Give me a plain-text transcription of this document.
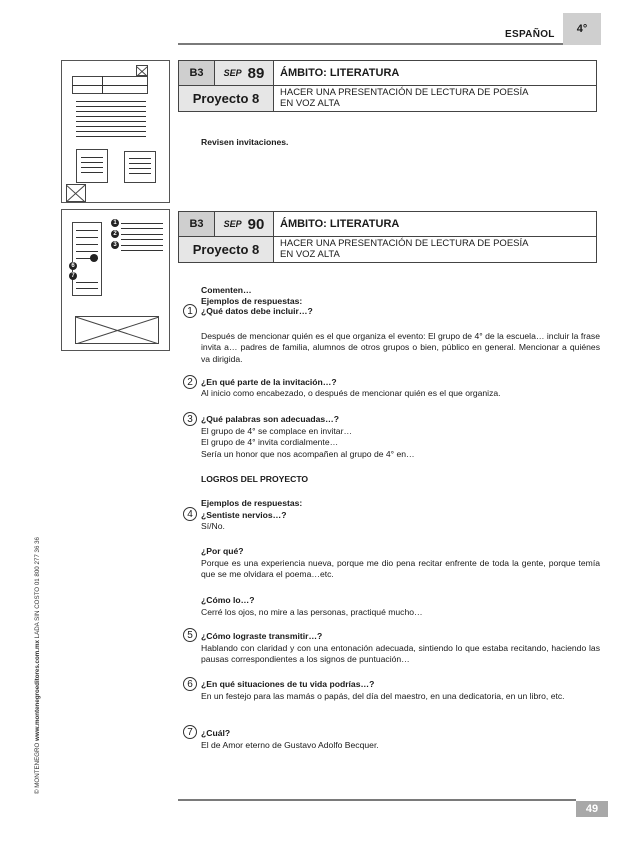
ESPAÑOL	4°
© MONTENEGRO www.montenegroeditores.com.mx LADA SIN COSTO 01 800 277 36 36
1
2
3
6
7
B3	SEP 89	ÁMBITO: LITERATURA
Proyecto 8	HACER UNA PRESENTACIÓN DE LECTURA DE POESÍA
EN VOZ ALTA
Revisen invitaciones.
B3	SEP 90	ÁMBITO: LITERATURA
Proyecto 8	HACER UNA PRESENTACIÓN DE LECTURA DE POESÍA
EN VOZ ALTA
Comenten…
Ejemplos de respuestas:
1 ¿Qué datos debe incluir…?
Después de mencionar quién es el que organiza el evento: El grupo de 4° de la escuela… incluir la frase invita a… padres de familia, alumnos de otros grupos o bien, público en general. Mencionar a quiénes va dirigida.
2 ¿En qué parte de la invitación…?
Al inicio como encabezado, o después de mencionar quién es el que organiza.
3 ¿Qué palabras son adecuadas…?
El grupo de 4° se complace en invitar…
El grupo de 4° invita cordialmente…
Sería un honor que nos acompañen al grupo de 4° en…
LOGROS DEL PROYECTO
Ejemplos de respuestas:
4 ¿Sentiste nervios…?
Sí/No.
¿Por qué?
Porque es una experiencia nueva, porque me dio pena recitar enfrente de toda la gente, porque temía que se me olvidara el poema…etc.
¿Cómo lo…?
Cerré los ojos, no mire a las personas, practiqué mucho…
5 ¿Cómo lograste transmitir…?
Hablando con claridad y con una entonación adecuada, sintiendo lo que estaba recitando, haciendo las pausas correspondientes a los signos de puntuación…
6 ¿En qué situaciones de tu vida podrías…?
En un festejo para las mamás o papás, del día del maestro, en una dedicatoria, en un libro, etc.
7 ¿Cuál?
El de Amor eterno de Gustavo Adolfo Becquer.
49
